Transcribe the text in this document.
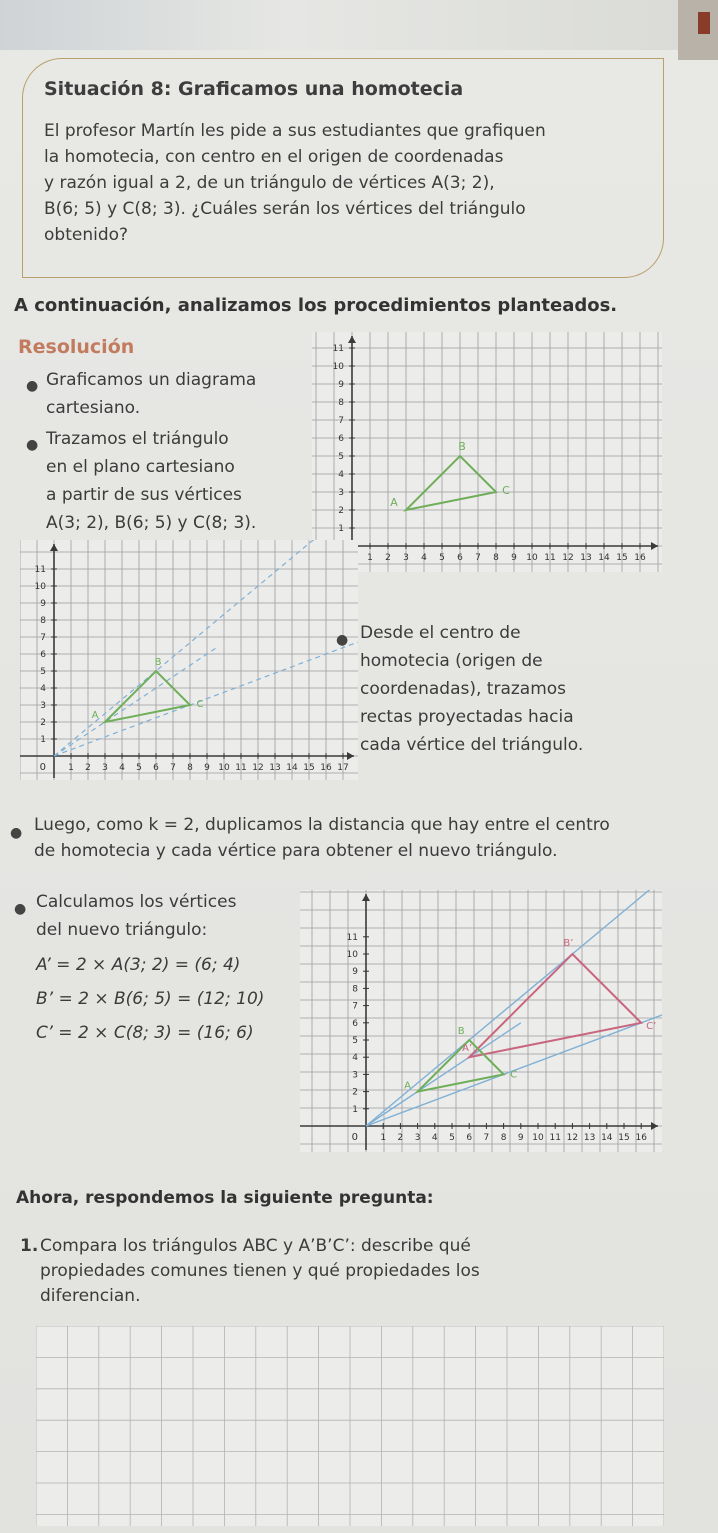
Situación 8: Graficamos una homotecia
El profesor Martín les pide a sus estudiantes que grafiquen
la homotecia, con centro en el origen de coordenadas
y razón igual a 2, de un triángulo de vértices A(3; 2),
B(6; 5) y C(8; 3). ¿Cuáles serán los vértices del triángulo
obtenido?
A continuación, analizamos los procedimientos planteados.
Resolución
● Graficamos un diagrama
cartesiano.
● Trazamos el triángulo
en el plano cartesiano
a partir de sus vértices
A(3; 2), B(6; 5) y C(8; 3).
1 2 3 4 5 6 7 8 9 10 11 12 13 14 15 16
1
2
3
4
5
6
7
8
9
10
11
A
B
C
1 2 3 4 5 6 7 8 9 10 11 12 13 14 15 16 17
1
2
3
4
5
6
7
8
9
10
11
0
A
B
C
● Desde el centro de
homotecia (origen de
coordenadas), trazamos
rectas proyectadas hacia
cada vértice del triángulo.
● Luego, como k = 2, duplicamos la distancia que hay entre el centro
de homotecia y cada vértice para obtener el nuevo triángulo.
● Calculamos los vértices
del nuevo triángulo:
A’ = 2 × A(3; 2) = (6; 4)
B’ = 2 × B(6; 5) = (12; 10)
C’ = 2 × C(8; 3) = (16; 6)
1 2 3 4 5 6 7 8 9 10 11 12 13 14 15 16
1
2
3
4
5
6
7
8
9
10
11
0
A
B
C
A’
B’
C’
Ahora, respondemos la siguiente pregunta:
1. Compara los triángulos ABC y A’B’C’: describe qué
propiedades comunes tienen y qué propiedades los
diferencian.
